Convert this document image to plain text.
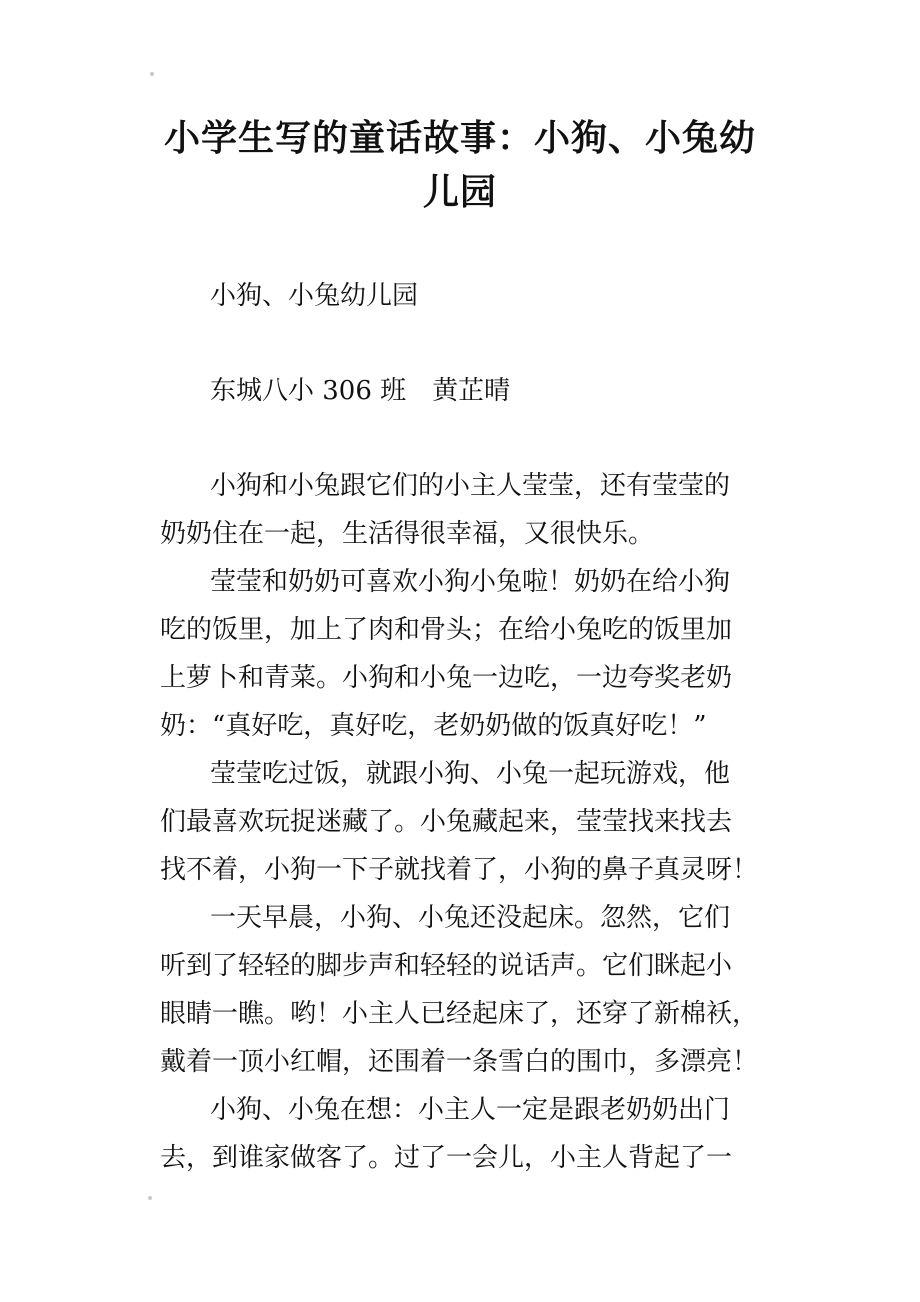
小学生写的童话故事：小狗、小兔幼
儿园
小狗、小兔幼儿园
东城八小 306 班　黄芷晴
小狗和小兔跟它们的小主人莹莹，还有莹莹的
奶奶住在一起，生活得很幸福，又很快乐。
莹莹和奶奶可喜欢小狗小兔啦！奶奶在给小狗
吃的饭里，加上了肉和骨头；在给小兔吃的饭里加
上萝卜和青菜。小狗和小兔一边吃，一边夸奖老奶
奶：“真好吃，真好吃，老奶奶做的饭真好吃！”
莹莹吃过饭，就跟小狗、小兔一起玩游戏，他
们最喜欢玩捉迷藏了。小兔藏起来，莹莹找来找去
找不着，小狗一下子就找着了，小狗的鼻子真灵呀！
一天早晨，小狗、小兔还没起床。忽然，它们
听到了轻轻的脚步声和轻轻的说话声。它们眯起小
眼睛一瞧。哟！小主人已经起床了，还穿了新棉袄，
戴着一顶小红帽，还围着一条雪白的围巾，多漂亮！
小狗、小兔在想：小主人一定是跟老奶奶出门
去，到谁家做客了。过了一会儿，小主人背起了一
